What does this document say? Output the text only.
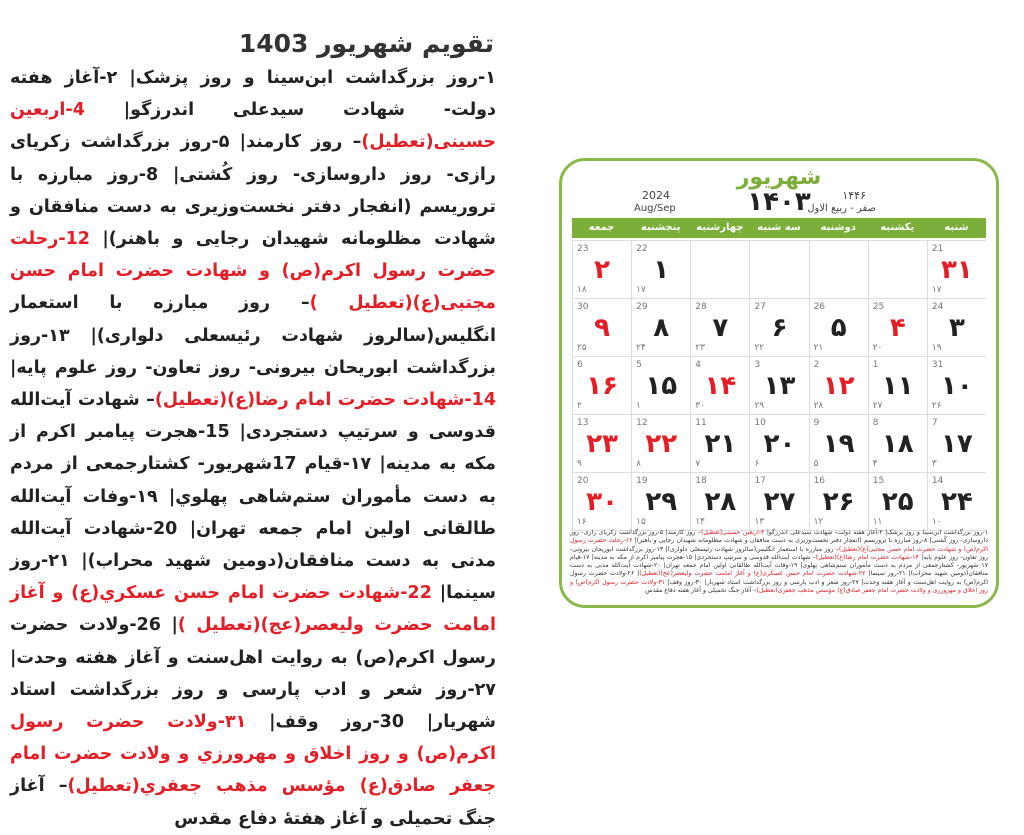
تقویم شهریور 1403
۱-روز بزرگداشت ابن‌سینا و روز پزشک| ۲-آغاز هفته دولت- شهادت سیدعلی اندرزگو| 4-اربعین حسینی(تعطیل)– روز کارمند| ۵-روز بزرگداشت زکریای رازی- روز داروسازی- روز کُشتی| 8-روز مبارزه با تروریسم (انفجار دفتر نخست‌وزیری به دست منافقان و شهادت مظلومانه شهیدان رجایی و باهنر)| 12-رحلت حضرت رسول اکرم(ص) و شهادت حضرت امام حسن مجتبی(ع)(تعطیل )– روز مبارزه با استعمار انگلیس(سالروز شهادت رئیسعلی دلواری)| ۱۳-روز بزرگداشت ابوریحان بیرونی- روز تعاون- روز علوم پایه| 14-شهادت حضرت امام رضا(ع)(تعطیل)– شهادت آیت‌الله قدوسی و سرتیپ دستجردی| 15-هجرت پیامبر اکرم از مکه به مدینه| ۱۷-قیام 17شهریور- کشتارجمعی از مردم به دست مأموران ستم‌شاهی پهلوي| ۱۹-وفات آیت‌الله طالقانی اولین امام جمعه تهران| 20-شهادت آیت‌الله مدنی به دست منافقان(دومین شهید محراب)| ۲۱-روز سینما| 22-شهادت حضرت امام حسن عسكري(ع) و آغاز امامت حضرت وليعصر(عج)(تعطیل )| 26-ولادت حضرت رسول اکرم(ص) به روایت اهل‌سنت و آغاز هفته وحدت| ۲۷-روز شعر و ادب پارسی و روز بزرگداشت استاد شهریار| 30-روز وقف| ۳۱-ولادت حضرت رسول اکرم(ص) و روز اخلاق و مهرورزي و ولادت حضرت امام جعفر صادق(ع) مؤسس مذهب جعفري(تعطیل)– آغاز جنگ تحمیلی و آغاز هفتهٔ دفاع مقدس
شهریور
۱۴۴۶
صفر - ربیع الاول
۱۴۰۳
2024
Aug/Sep
شنبه
یکشنبه
دوشنبه
سه شنبه
چهارشنبه
پنجشنبه
جمعه
21
۳۱
۱۷
22
۱
۱۷
23
۲
۱۸
24
۳
۱۹
25
۴
۲۰
26
۵
۲۱
27
۶
۲۲
28
۷
۲۳
29
۸
۲۴
30
۹
۲۵
31
۱۰
۲۶
1
۱۱
۲۷
2
۱۲
۲۸
3
۱۳
۲۹
4
۱۴
۳۰
5
۱۵
۱
6
۱۶
۲
7
۱۷
۳
8
۱۸
۴
9
۱۹
۵
10
۲۰
۶
11
۲۱
۷
12
۲۲
۸
13
۲۳
۹
14
۲۴
۱۰
15
۲۵
۱۱
16
۲۶
۱۲
17
۲۷
۱۳
18
۲۸
۱۴
19
۲۹
۱۵
20
۳۰
۱۶
۱-روز بزرگداشت ابن‌سینا و روز پزشک| ۲-آغاز هفته دولت- شهادت سیدعلی اندرزگو| ۴-اربعین حسینی(تعطیل)– روز کارمند| ۵-روز بزرگداشت زکریای رازی- روز داروسازی- روز کُشتی| ۸-روز مبارزه با تروریسم (انفجار دفتر نخست‌وزیری به دست منافقان و شهادت مظلومانه شهیدان رجایی و باهنر)| ۱۲-رحلت حضرت رسول اکرم(ص) و شهادت حضرت امام حسن مجتبی(ع)(تعطیل)– روز مبارزه با استعمار انگلیس(سالروز شهادت رئیسعلی دلواری)| ۱۳-روز بزرگداشت ابوریحان بیرونی- روز تعاون- روز علوم پایه| ۱۴-شهادت حضرت امام رضا(ع)(تعطیل)– شهادت آیت‌الله قدوسی و سرتیپ دستجردی| ۱۵-هجرت پیامبر اکرم از مکه به مدینه| ۱۷-قیام ۱۷ شهریور- کشتارجمعی از مردم به دست مأموران ستم‌شاهی پهلوی| ۱۹-وفات آیت‌الله طالقانی اولین امام جمعه تهران| ۲۰-شهادت آیت‌الله مدنی به دست منافقان(دومین شهید محراب)| ۲۱-روز سینما| ۲۲-شهادت حضرت امام حسن عسکری(ع) و آغاز امامت حضرت ولیعصر(عج)(تعطیل)| ۲۶-ولادت حضرت رسول اکرم(ص) به روایت اهل‌سنت و آغاز هفته وحدت| ۲۷-روز شعر و ادب پارسی و روز بزرگداشت استاد شهریار| ۳۰-روز وقف| ۳۱-ولادت حضرت رسول اکرم(ص) و روز اخلاق و مهرورزی و ولادت حضرت امام جعفر صادق(ع) مؤسس مذهب جعفری(تعطیل)– آغاز جنگ تحمیلی و آغاز هفته دفاع مقدس
